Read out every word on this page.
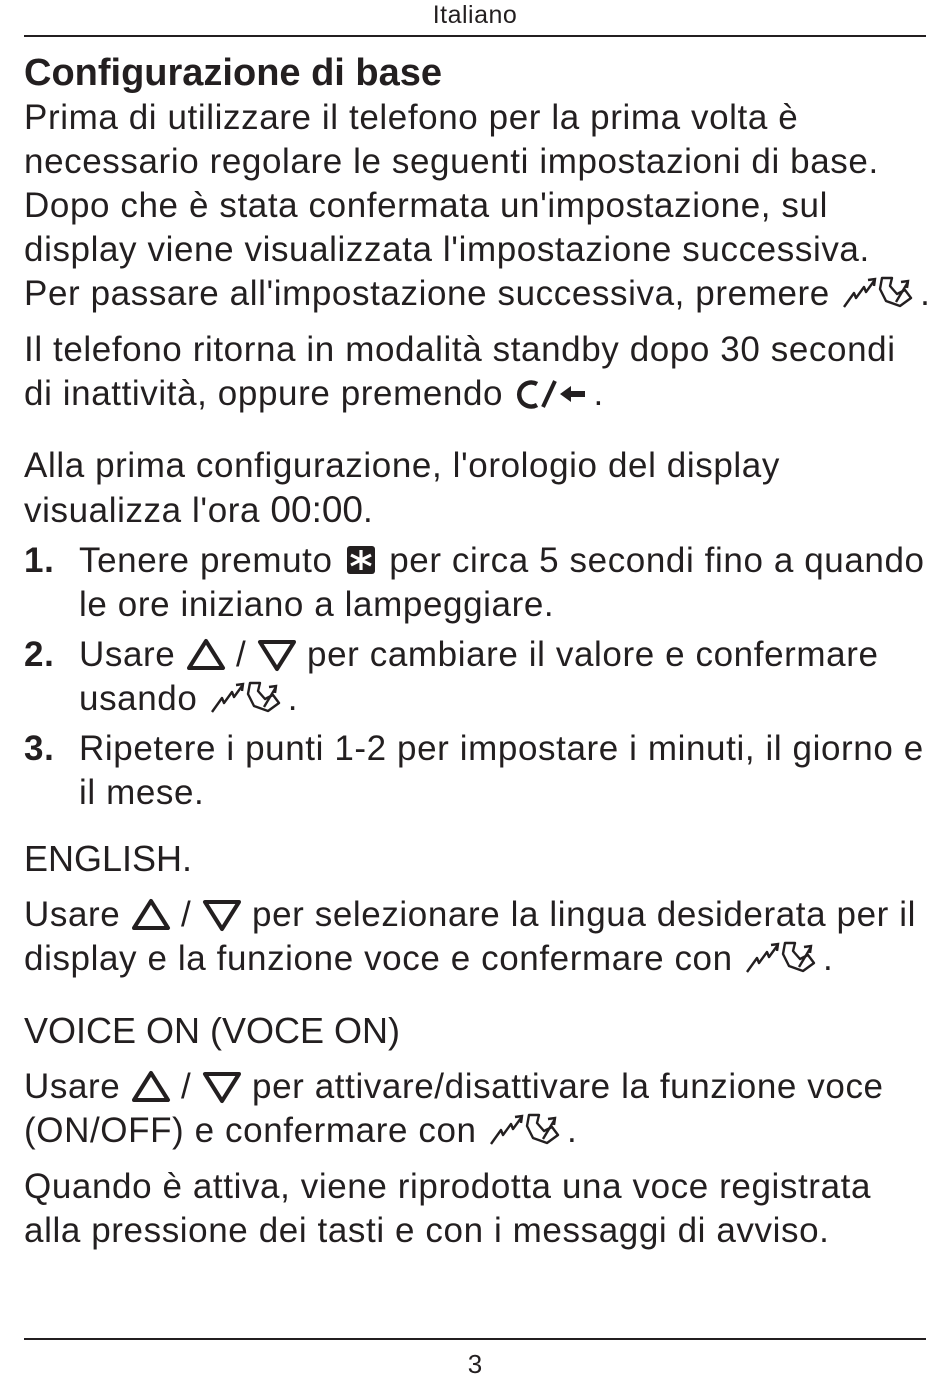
Italiano
Configurazione di base

Prima di utilizzare il telefono per la prima volta è necessario regolare le seguenti impostazioni di base. Dopo che è stata confermata un'impostazione, sul display viene visualizzata l'impostazione successiva. Per passare all'impostazione successiva, premere	.

Il telefono ritorna in modalità standby dopo 30 secondi di inattività, oppure premendo	.

Alla prima configurazione, l'orologio del display visualizza l'ora 00:00.

1. Tenere premuto per circa 5 secondi fino a quando le ore iniziano a lampeggiare.
2. Usare / per cambiare il valore e confermare usando	.
3. Ripetere i punti 1-2 per impostare i minuti, il giorno e il mese.
ENGLISH.

Usare / per selezionare la lingua desiderata per il display e la funzione voce e confermare con	.

VOICE ON (VOCE ON)

Usare / per attivare/disattivare la funzione voce (ON/OFF) e confermare con	.

Quando è attiva, viene riprodotta una voce registrata alla pressione dei tasti e con i messaggi di avviso.

3
